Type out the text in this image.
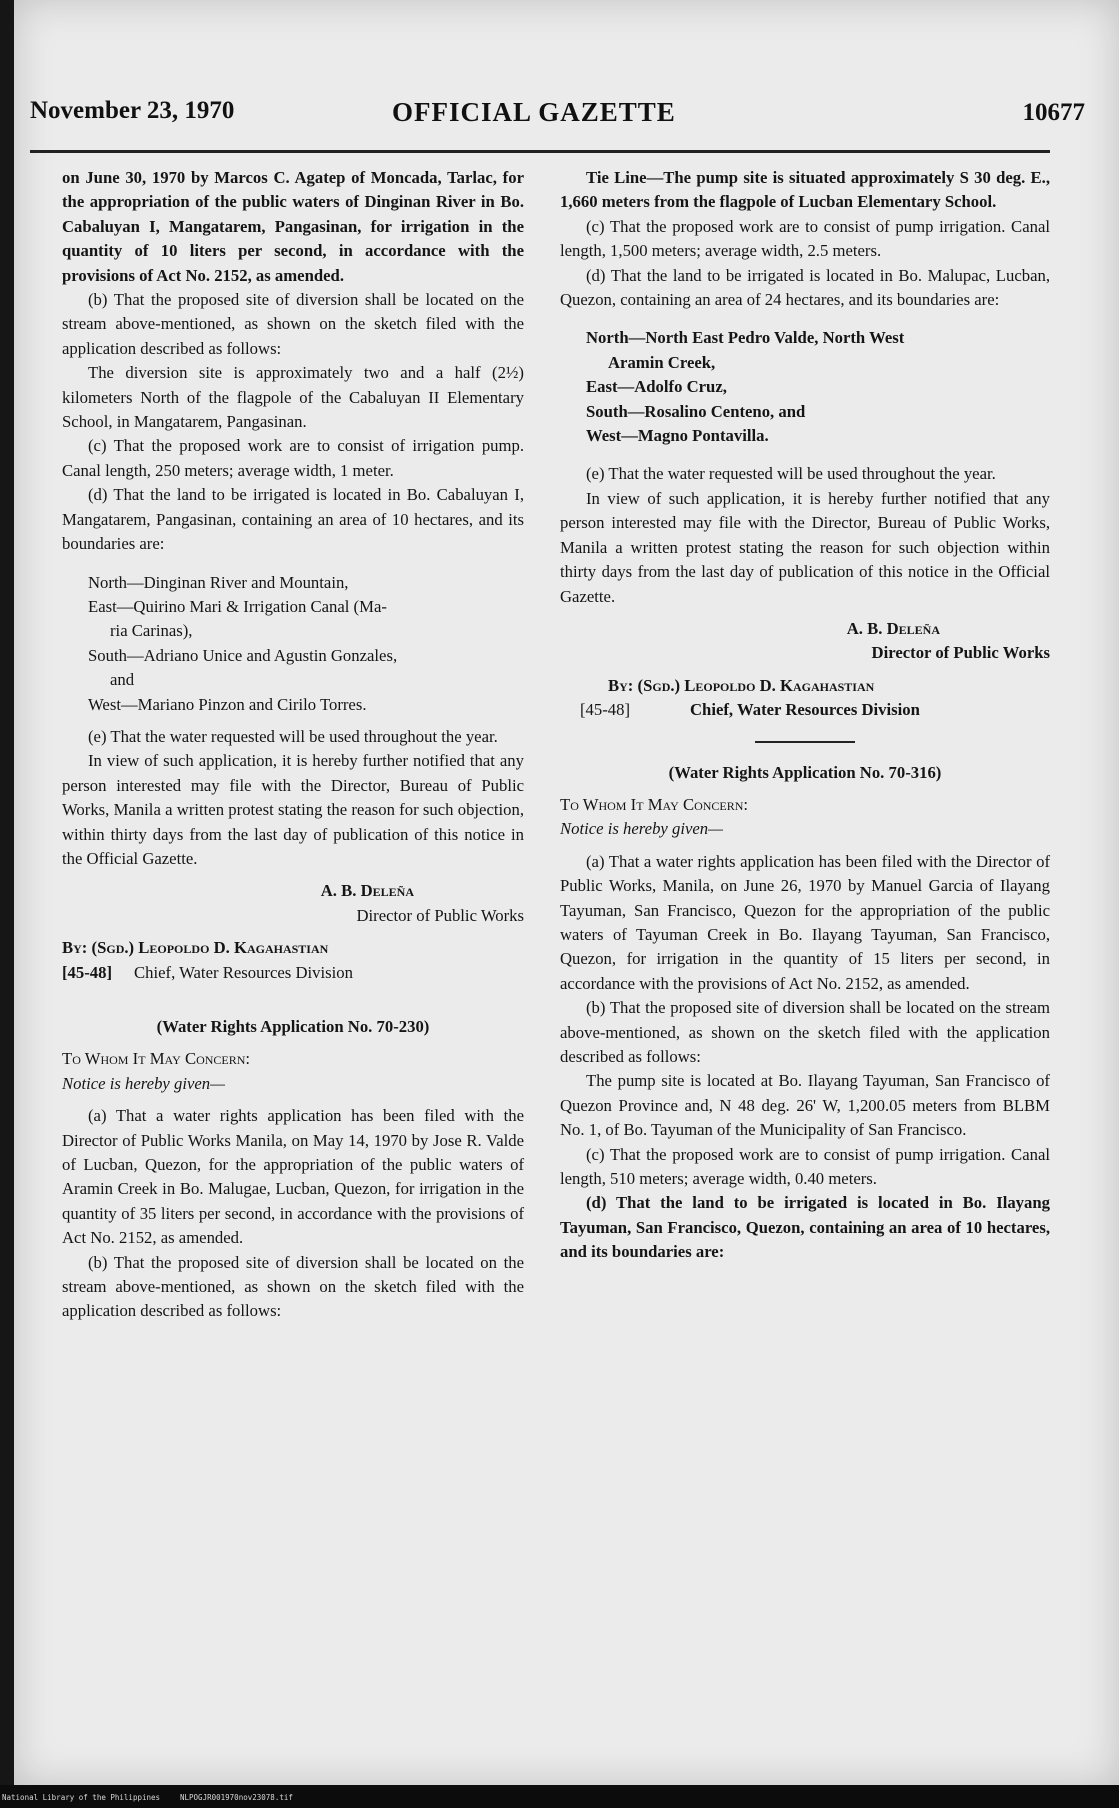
November 23, 1970	OFFICIAL GAZETTE	10677

on June 30, 1970 by Marcos C. Agatep of Moncada, Tarlac, for the appropriation of the public waters of Dinginan River in Bo. Cabaluyan I, Mangatarem, Pangasinan, for irrigation in the quantity of 10 liters per second, in accordance with the provisions of Act No. 2152, as amended.

(b) That the proposed site of diversion shall be located on the stream above-mentioned, as shown on the sketch filed with the application described as follows:

The diversion site is approximately two and a half (2½) kilometers North of the flagpole of the Cabaluyan II Elementary School, in Mangatarem, Pangasinan.

(c) That the proposed work are to consist of irrigation pump. Canal length, 250 meters; average width, 1 meter.

(d) That the land to be irrigated is located in Bo. Cabaluyan I, Mangatarem, Pangasinan, containing an area of 10 hectares, and its boundaries are:

North—Dinginan River and Mountain,
East—Quirino Mari & Irrigation Canal (Ma-
ria Carinas),
South—Adriano Unice and Agustin Gonzales,
and
West—Mariano Pinzon and Cirilo Torres.

(e) That the water requested will be used throughout the year.

In view of such application, it is hereby further notified that any person interested may file with the Director, Bureau of Public Works, Manila a written protest stating the reason for such objection, within thirty days from the last day of publication of this notice in the Official Gazette.

A. B. Deleña
Director of Public Works
By: (Sgd.) Leopoldo D. Kagahastian
[45-48] Chief, Water Resources Division
(Water Rights Application No. 70-230)
To Whom It May Concern:
Notice is hereby given—

(a) That a water rights application has been filed with the Director of Public Works Manila, on May 14, 1970 by Jose R. Valde of Lucban, Quezon, for the appropriation of the public waters of Aramin Creek in Bo. Malugae, Lucban, Quezon, for irrigation in the quantity of 35 liters per second, in accordance with the provisions of Act No. 2152, as amended.

(b) That the proposed site of diversion shall be located on the stream above-mentioned, as shown on the sketch filed with the application described as follows:

Tie Line—The pump site is situated approximately S 30 deg. E., 1,660 meters from the flagpole of Lucban Elementary School.

(c) That the proposed work are to consist of pump irrigation. Canal length, 1,500 meters; average width, 2.5 meters.

(d) That the land to be irrigated is located in Bo. Malupac, Lucban, Quezon, containing an area of 24 hectares, and its boundaries are:

North—North East Pedro Valde, North West
Aramin Creek,
East—Adolfo Cruz,
South—Rosalino Centeno, and
West—Magno Pontavilla.

(e) That the water requested will be used throughout the year.

In view of such application, it is hereby further notified that any person interested may file with the Director, Bureau of Public Works, Manila a written protest stating the reason for such objection within thirty days from the last day of publication of this notice in the Official Gazette.

A. B. Deleña
Director of Public Works
By: (Sgd.) Leopoldo D. Kagahastian
[45-48]	Chief, Water Resources Division
(Water Rights Application No. 70-316)
To Whom It May Concern:
Notice is hereby given—

(a) That a water rights application has been filed with the Director of Public Works, Manila, on June 26, 1970 by Manuel Garcia of Ilayang Tayuman, San Francisco, Quezon for the appropriation of the public waters of Tayuman Creek in Bo. Ilayang Tayuman, San Francisco, Quezon, for irrigation in the quantity of 15 liters per second, in accordance with the provisions of Act No. 2152, as amended.

(b) That the proposed site of diversion shall be located on the stream above-mentioned, as shown on the sketch filed with the application described as follows:

The pump site is located at Bo. Ilayang Tayuman, San Francisco of Quezon Province and, N 48 deg. 26' W, 1,200.05 meters from BLBM No. 1, of Bo. Tayuman of the Municipality of San Francisco.

(c) That the proposed work are to consist of pump irrigation. Canal length, 510 meters; average width, 0.40 meters.

(d) That the land to be irrigated is located in Bo. Ilayang Tayuman, San Francisco, Quezon, containing an area of 10 hectares, and its boundaries are:

National Library of the Philippines	NLPOGJR001970nov23078.tif
